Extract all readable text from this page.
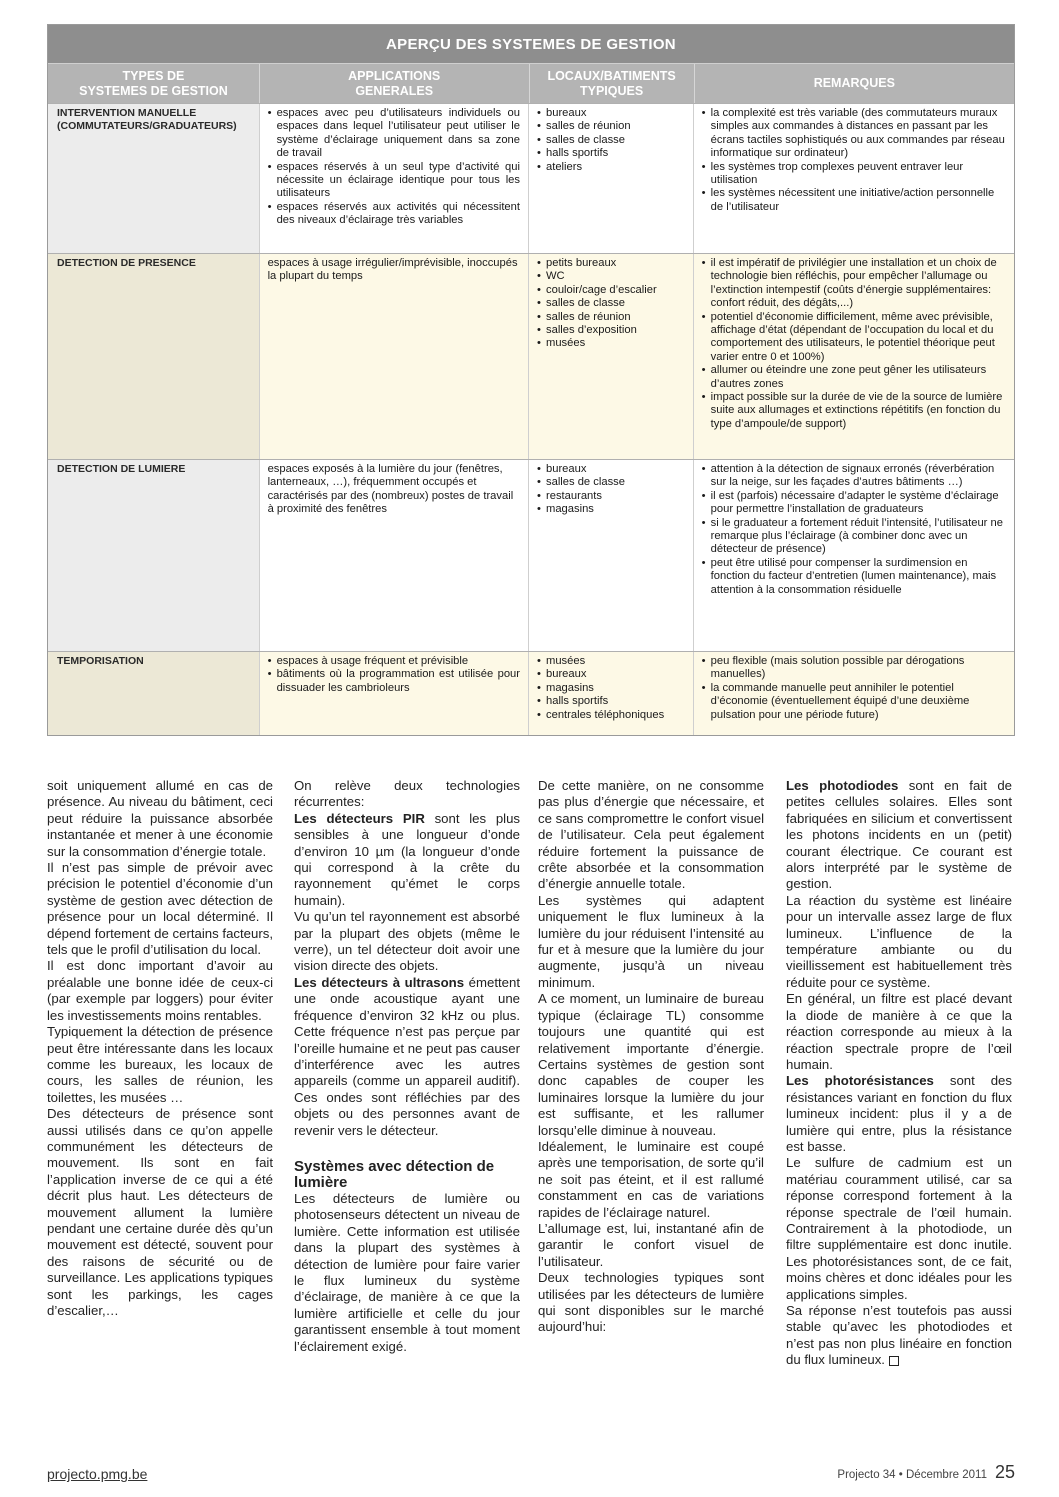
APERÇU DES SYSTEMES DE GESTION
TYPES DE
SYSTEMES DE GESTION
APPLICATIONS
GENERALES
LOCAUX/BATIMENTS
TYPIQUES
REMARQUES
INTERVENTION MANUELLE (COMMUTATEURS/GRADUATEURS)
• espaces avec peu d’utilisateurs individuels ou espaces dans lequel l’utilisateur peut utiliser le système d’éclairage uniquement dans sa zone de travail
• espaces réservés à un seul type d’activité qui nécessite un éclairage identique pour tous les utilisateurs
• espaces réservés aux activités qui nécessitent des niveaux d’éclairage très variables
• bureaux
• salles de réunion
• salles de classe
• halls sportifs
• ateliers
• la complexité est très variable (des commutateurs muraux simples aux commandes à distances en passant par les écrans tactiles sophistiqués ou aux commandes par réseau informatique sur ordinateur)
• les systèmes trop complexes peuvent entraver leur utilisation
• les systèmes nécessitent une initiative/action personnelle de l’utilisateur
DETECTION DE PRESENCE	espaces à usage irrégulier/imprévisible, inoccupés la plupart du temps
• petits bureaux
• WC
• couloir/cage d’escalier
• salles de classe
• salles de réunion
• salles d’exposition
• musées
• il est impératif de privilégier une installation et un choix de technologie bien réfléchis, pour empêcher l’allumage ou l’extinction intempestif (coûts d’énergie supplémentaires: confort réduit, des dégâts,...)
• potentiel d’économie difficilement, même avec prévisible, affichage d’état (dépendant de l’occupation du local et du comportement des utilisateurs, le potentiel théorique peut varier entre 0 et 100%)
• allumer ou éteindre une zone peut gêner les utilisateurs d’autres zones
• impact possible sur la durée de vie de la source de lumière suite aux allumages et extinctions répétitifs (en fonction du type d’ampoule/de support)
DETECTION DE LUMIERE	espaces exposés à la lumière du jour (fenêtres, lanterneaux, …), fréquemment occupés et caractérisés par des (nombreux) postes de travail à proximité des fenêtres
• bureaux
• salles de classe
• restaurants
• magasins
• attention à la détection de signaux erronés (réverbération sur la neige, sur les façades d’autres bâtiments …)
• il est (parfois) nécessaire d’adapter le système d’éclairage pour permettre l’installation de graduateurs
• si le graduateur a fortement réduit l’intensité, l’utilisateur ne remarque plus l’éclairage (à combiner donc avec un détecteur de présence)
• peut être utilisé pour compenser la surdimension en fonction du facteur d’entretien (lumen maintenance), mais attention à la consommation résiduelle
TEMPORISATION
•	espaces à usage fréquent et prévisible
• bâtiments où la programmation est utilisée pour dissuader les cambrioleurs
• musées
• bureaux
• magasins
• halls sportifs
• centrales téléphoniques
• peu flexible (mais solution possible par dérogations manuelles)
• la commande manuelle peut annihiler le potentiel d’économie (éventuellement équipé d’une deuxième pulsation pour une période future)

soit uniquement allumé en cas de présence. Au niveau du bâtiment, ceci peut réduire la puissance absorbée instantanée et mener à une économie sur la consommation d’énergie totale.

Il n’est pas simple de prévoir avec précision le potentiel d’économie d’un système de gestion avec détection de présence pour un local déterminé. Il dépend fortement de certains facteurs, tels que le profil d’utilisation du local.

Il est donc important d’avoir au préalable une bonne idée de ceux-ci (par exemple par loggers) pour éviter les investissements moins rentables.

Typiquement la détection de présence peut être intéressante dans les locaux comme les bureaux, les locaux de cours, les salles de réunion, les toilettes, les musées …

Des détecteurs de présence sont aussi utilisés dans ce qu’on appelle communément les détecteurs de mouvement. Ils sont en fait l’application inverse de ce qui a été décrit plus haut. Les détecteurs de mouvement allument la lumière pendant une certaine durée dès qu’un mouvement est détecté, souvent pour des raisons de sécurité ou de surveillance. Les applications typiques sont les parkings, les cages d’escalier,…

On relève deux technologies récurrentes:

Les détecteurs PIR sont les plus sensibles à une longueur d’onde d’environ 10 µm (la longueur d’onde qui correspond à la crête du rayonnement qu’émet le corps humain).

Vu qu’un tel rayonnement est absorbé par la plupart des objets (même le verre), un tel détecteur doit avoir une vision directe des objets.

Les détecteurs à ultrasons émettent une onde acoustique ayant une fréquence d’environ 32 kHz ou plus. Cette fréquence n’est pas perçue par l’oreille humaine et ne peut pas causer d’interférence avec les autres appareils (comme un appareil auditif). Ces ondes sont réfléchies par des objets ou des personnes avant de revenir vers le détecteur.

Systèmes avec détection de lumière

Les détecteurs de lumière ou photosenseurs détectent un niveau de lumière. Cette information est utilisée dans la plupart des systèmes à détection de lumière pour faire varier le flux lumineux du système d’éclairage, de manière à ce que la lumière artificielle et celle du jour garantissent ensemble à tout moment l’éclairement exigé.

De cette manière, on ne consomme pas plus d’énergie que nécessaire, et ce sans compromettre le confort visuel de l’utilisateur. Cela peut également réduire fortement la puissance de crête absorbée et la consommation d’énergie annuelle totale.

Les systèmes qui adaptent uniquement le flux lumineux à la lumière du jour réduisent l’intensité au fur et à mesure que la lumière du jour augmente, jusqu’à un niveau minimum.

A ce moment, un luminaire de bureau typique (éclairage TL) consomme toujours une quantité qui est relativement importante d’énergie. Certains systèmes de gestion sont donc capables de couper les luminaires lorsque la lumière du jour est suffisante, et les rallumer lorsqu’elle diminue à nouveau.

Idéalement, le luminaire est coupé après une temporisation, de sorte qu’il ne soit pas éteint, et il est rallumé constamment en cas de variations rapides de l’éclairage naturel.

L’allumage est, lui, instantané afin de garantir le confort visuel de l’utilisateur.

Deux technologies typiques sont utilisées par les détecteurs de lumière qui sont disponibles sur le marché aujourd’hui:

Les photodiodes sont en fait de petites cellules solaires. Elles sont fabriquées en silicium et convertissent les photons incidents en un (petit) courant électrique. Ce courant est alors interprété par le système de gestion.

La réaction du système est linéaire pour un intervalle assez large de flux lumineux. L’influence de la température ambiante ou du vieillissement est habituellement très réduite pour ce système.

En général, un filtre est placé devant la diode de manière à ce que la réaction corresponde au mieux à la réaction spectrale propre de l’œil humain.

Les photorésistances sont des résistances variant en fonction du flux lumineux incident: plus il y a de lumière qui entre, plus la résistance est basse.

Le sulfure de cadmium est un matériau couramment utilisé, car sa réponse correspond fortement à la réponse spectrale de l’œil humain. Contrairement à la photodiode, un filtre supplémentaire est donc inutile. Les photorésistances sont, de ce fait, moins chères et donc idéales pour les applications simples.

Sa réponse n’est toutefois pas aussi stable qu’avec les photodiodes et n’est pas non plus linéaire en fonction du flux lumineux.

projecto.pmg.be	Projecto 34 • Décembre 2011 25
